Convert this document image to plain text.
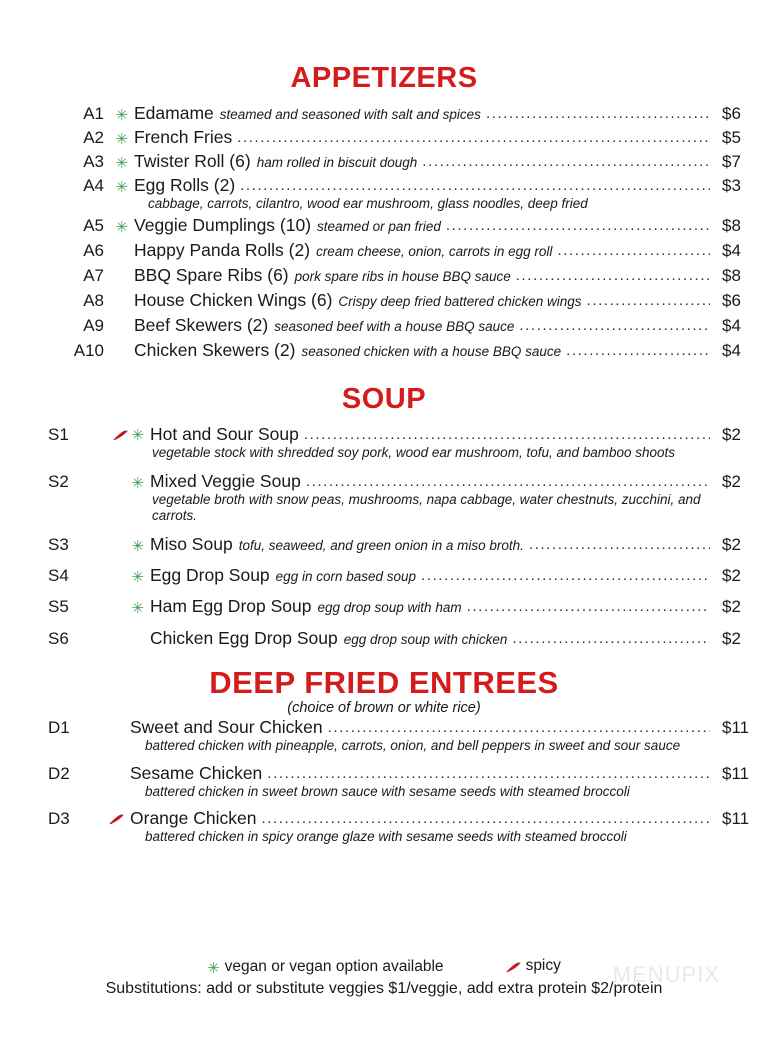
MENUPIX
APPETIZERS
A1 ✳ Edamame steamed and seasoned with salt and spices .....	$6
A2 ✳ French Fries .....	$5
A3 ✳ Twister Roll (6) ham rolled in biscuit dough .....	$7
A4 ✳ Egg Rolls (2) .....	$3
cabbage, carrots, cilantro, wood ear mushroom, glass noodles, deep fried
A5 ✳ Veggie Dumplings (10) steamed or pan fried .....	$8
A6	Happy Panda Rolls (2) cream cheese, onion, carrots in egg roll .....	$4
A7	BBQ Spare Ribs (6) pork spare ribs in house BBQ sauce .....	$8
A8	House Chicken Wings (6) Crispy deep fried battered chicken wings .....	$6
A9	Beef Skewers (2) seasoned beef with a house BBQ sauce .....	$4
A10	Chicken Skewers (2) seasoned chicken with a house BBQ sauce .....	$4
SOUP
S1	✳ Hot and Sour Soup .....	$2
vegetable stock with shredded soy pork, wood ear mushroom, tofu, and bamboo shoots
S2	✳ Mixed Veggie Soup .....	$2
vegetable broth with snow peas, mushrooms, napa cabbage, water chestnuts, zucchini, and carrots.
S3	✳ Miso Soup tofu, seaweed, and green onion in a miso broth. .....	$2
S4	✳ Egg Drop Soup egg in corn based soup .....	$2
S5	✳ Ham Egg Drop Soup egg drop soup with ham .....	$2
S6	Chicken Egg Drop Soup egg drop soup with chicken .....	$2
DEEP FRIED ENTREES
(choice of brown or white rice)
D1	Sweet and Sour Chicken .....	$11
battered chicken with pineapple, carrots, onion, and bell peppers in sweet and sour sauce
D2	Sesame Chicken .....	$11
battered chicken in sweet brown sauce with sesame seeds with steamed broccoli
D3	Orange Chicken .....	$11
battered chicken in spicy orange glaze with sesame seeds with steamed broccoli
✳ vegan or vegan option available	spicy
Substitutions: add or substitute veggies $1/veggie, add extra protein $2/protein
